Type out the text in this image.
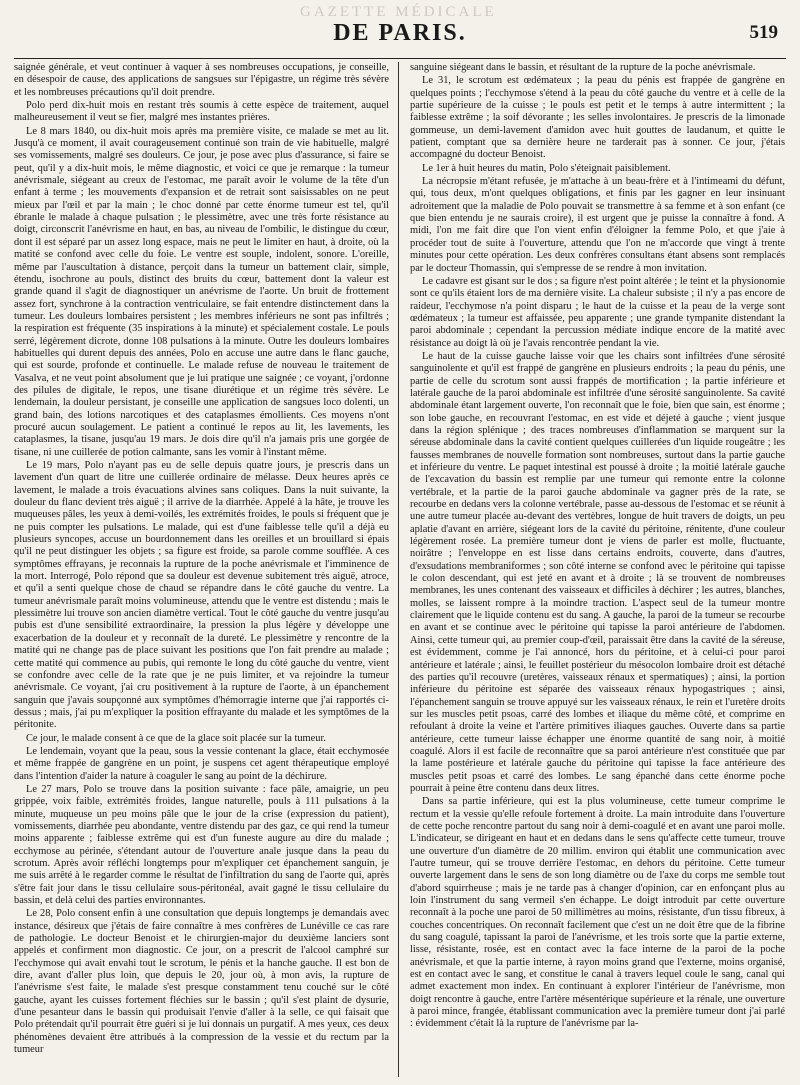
GAZETTE MÉDICALE
DE PARIS.	519

saignée générale, et veut continuer à vaquer à ses nombreuses occupations, je conseille, en désespoir de cause, des applications de sangsues sur l'épigastre, un régime très sévère et les nombreuses précautions qu'il doit prendre.

Polo perd dix-huit mois en restant très soumis à cette espèce de traitement, auquel malheureusement il veut se fier, malgré mes instantes prières.

Le 8 mars 1840, ou dix-huit mois après ma première visite, ce malade se met au lit. Jusqu'à ce moment, il avait courageusement continué son train de vie habituelle, malgré ses vomissements, malgré ses douleurs. Ce jour, je pose avec plus d'assurance, si faire se peut, qu'il y a dix-huit mois, le même diagnostic, et voici ce que je remarque : la tumeur anévrismale, siégeant au creux de l'estomac, me paraît avoir le volume de la tête d'un enfant à terme ; les mouvements d'expansion et de retrait sont saisissables on ne peut mieux par l'œil et par la main ; le choc donné par cette énorme tumeur est tel, qu'il ébranle le malade à chaque pulsation ; le plessimètre, avec une très forte résistance au doigt, circonscrit l'anévrisme en haut, en bas, au niveau de l'ombilic, le distingue du cœur, dont il est séparé par un assez long espace, mais ne peut le limiter en haut, à droite, où la matité se confond avec celle du foie. Le ventre est souple, indolent, sonore. L'oreille, même par l'auscultation à distance, perçoit dans la tumeur un battement clair, simple, étendu, isochrone au pouls, distinct des bruits du cœur, battement dont la valeur est grande quand il s'agit de diagnostiquer un anévrisme de l'aorte. Un bruit de frottement assez fort, synchrone à la contraction ventriculaire, se fait entendre distinctement dans la tumeur. Les douleurs lombaires persistent ; les membres inférieurs ne sont pas infiltrés ; la respiration est fréquente (35 inspirations à la minute) et spécialement costale. Le pouls serré, légèrement dicrote, donne 108 pulsations à la minute. Outre les douleurs lombaires habituelles qui durent depuis des années, Polo en accuse une autre dans le flanc gauche, qui est sourde, profonde et continuelle. Le malade refuse de nouveau le traitement de Vasalva, et ne veut point absolument que je lui pratique une saignée ; ce voyant, j'ordonne des pilules de digitale, le repos, une tisane diurétique et un régime très sévère. Le lendemain, la douleur persistant, je conseille une application de sangsues loco dolenti, un grand bain, des lotions narcotiques et des cataplasmes émollients. Ces moyens n'ont procuré aucun soulagement. Le patient a continué le repos au lit, les lavements, les cataplasmes, la tisane, jusqu'au 19 mars. Je dois dire qu'il n'a jamais pris une gorgée de tisane, ni une cuillerée de potion calmante, sans les vomir à l'instant même.

Le 19 mars, Polo n'ayant pas eu de selle depuis quatre jours, je prescris dans un lavement d'un quart de litre une cuillerée ordinaire de mélasse. Deux heures après ce lavement, le malade a trois évacuations alvines sans coliques. Dans la nuit suivante, la douleur du flanc devient très aiguë ; il arrive de la diarrhée. Appelé à la hâte, je trouve les muqueuses pâles, les yeux à demi-voilés, les extrémités froides, le pouls si fréquent que je ne puis compter les pulsations. Le malade, qui est d'une faiblesse telle qu'il a déjà eu plusieurs syncopes, accuse un bourdonnement dans les oreilles et un brouillard si épais qu'il ne peut distinguer les objets ; sa figure est froide, sa parole comme soufflée. A ces symptômes effrayans, je reconnais la rupture de la poche anévrismale et l'imminence de la mort. Interrogé, Polo répond que sa douleur est devenue subitement très aiguë, atroce, et qu'il a senti quelque chose de chaud se répandre dans le côté gauche du ventre. La tumeur anévrismale paraît moins volumineuse, attendu que le ventre est distendu ; mais le plessimètre lui trouve son ancien diamètre vertical. Tout le côté gauche du ventre jusqu'au pubis est d'une sensibilité extraordinaire, la pression la plus légère y développe une exacerbation de la douleur et y reconnaît de la dureté. Le plessimètre y rencontre de la matité qui ne change pas de place suivant les positions que l'on fait prendre au malade ; cette matité qui commence au pubis, qui remonte le long du côté gauche du ventre, vient se confondre avec celle de la rate que je ne puis limiter, et va rejoindre la tumeur anévrismale. Ce voyant, j'ai cru positivement à la rupture de l'aorte, à un épanchement sanguin que j'avais soupçonné aux symptômes d'hémorragie interne que j'ai rapportés ci-dessus ; mais, j'ai pu m'expliquer la position effrayante du malade et les symptômes de la péritonite.

Ce jour, le malade consent à ce que de la glace soit placée sur la tumeur.

Le lendemain, voyant que la peau, sous la vessie contenant la glace, était ecchymosée et même frappée de gangrène en un point, je suspens cet agent thérapeutique employé dans l'intention d'aider la nature à coaguler le sang au point de la déchirure.

Le 27 mars, Polo se trouve dans la position suivante : face pâle, amaigrie, un peu grippée, voix faible, extrémités froides, langue naturelle, pouls à 111 pulsations à la minute, muqueuse un peu moins pâle que le jour de la crise (expression du patient), vomissements, diarrhée peu abondante, ventre distendu par des gaz, ce qui rend la tumeur moins apparente ; faiblesse extrême qui est d'un funeste augure au dire du malade ; ecchymose au périnée, s'étendant autour de l'ouverture anale jusque dans la peau du scrotum. Après avoir réfléchi longtemps pour m'expliquer cet épanchement sanguin, je me suis arrêté à le regarder comme le résultat de l'infiltration du sang de l'aorte qui, après s'être fait jour dans le tissu cellulaire sous-péritonéal, avait gagné le tissu cellulaire du bassin, et delà celui des parties environnantes.

Le 28, Polo consent enfin à une consultation que depuis longtemps je demandais avec instance, désireux que j'étais de faire connaître à mes confrères de Lunéville ce cas rare de pathologie. Le docteur Benoist et le chirurgien-major du deuxième lanciers sont appelés et confirment mon diagnostic. Ce jour, on a prescrit de l'alcool camphré sur l'ecchymose qui avait envahi tout le scrotum, le pénis et la hanche gauche. Il est bon de dire, avant d'aller plus loin, que depuis le 20, jour où, à mon avis, la rupture de l'anévrisme s'est faite, le malade s'est presque constamment tenu couché sur le côté gauche, ayant les cuisses fortement fléchies sur le bassin ; qu'il s'est plaint de dysurie, d'une pesanteur dans le bassin qui produisait l'envie d'aller à la selle, ce qui faisait que Polo prétendait qu'il pourrait être guéri si je lui donnais un purgatif. A mes yeux, ces deux phénomènes devaient être attribués à la compression de la vessie et du rectum par la tumeur

sanguine siégeant dans le bassin, et résultant de la rupture de la poche anévrismale.

Le 31, le scrotum est œdémateux ; la peau du pénis est frappée de gangrène en quelques points ; l'ecchymose s'étend à la peau du côté gauche du ventre et à celle de la partie supérieure de la cuisse ; le pouls est petit et le temps à autre intermittent ; la faiblesse extrême ; la soif dévorante ; les selles involontaires. Je prescris de la limonade gommeuse, un demi-lavement d'amidon avec huit gouttes de laudanum, et quitte le patient, comptant que sa dernière heure ne tarderait pas à sonner. Ce jour, j'étais accompagné du docteur Benoist.

Le 1er à huit heures du matin, Polo s'éteignait paisiblement.

La nécropsie m'étant refusée, je m'attache à un beau-frère et à l'intimeami du défunt, qui, tous deux, m'ont quelques obligations, et finis par les gagner en leur insinuant adroitement que la maladie de Polo pouvait se transmettre à sa femme et à son enfant (ce que bien entendu je ne saurais croire), il est urgent que je puisse la connaître à fond. A midi, l'on me fait dire que l'on vient enfin d'éloigner la femme Polo, et que j'aie à procéder tout de suite à l'ouverture, attendu que l'on ne m'accorde que vingt à trente minutes pour cette opération. Les deux confrères consultans étant absens sont remplacés par le docteur Thomassin, qui s'empresse de se rendre à mon invitation.

Le cadavre est gisant sur le dos ; sa figure n'est point altérée ; le teint et la physionomie sont ce qu'ils étaient lors de ma dernière visite. La chaleur subsiste ; il n'y a pas encore de raideur, l'ecchymose n'a point disparu ; le haut de la cuisse et la peau de la verge sont œdémateux ; la tumeur est affaissée, peu apparente ; une grande tympanite distendant la paroi abdominale ; cependant la percussion médiate indique encore de la matité avec résistance au doigt là où je l'avais rencontrée pendant la vie.

Le haut de la cuisse gauche laisse voir que les chairs sont infiltrées d'une sérosité sanguinolente et qu'il est frappé de gangrène en plusieurs endroits ; la peau du pénis, une partie de celle du scrotum sont aussi frappés de mortification ; la partie inférieure et latérale gauche de la paroi abdominale est infiltrée d'une sérosité sanguinolente. Sa cavité abdominale étant largement ouverte, l'on reconnaît que le foie, bien que sain, est énorme ; son lobe gauche, en recouvrant l'estomac, en est vide et déjeté à gauche ; vient jusque dans la région splénique ; des traces nombreuses d'inflammation se marquent sur la séreuse abdominale dans la cavité contient quelques cuillerées d'un liquide rougeâtre ; les fausses membranes de nouvelle formation sont nombreuses, surtout dans la partie gauche et inférieure du ventre. Le paquet intestinal est poussé à droite ; la moitié latérale gauche de l'excavation du bassin est remplie par une tumeur qui remonte entre la colonne vertébrale, et la partie de la paroi gauche abdominale va gagner près de la rate, se recourbe en dedans vers la colonne vertébrale, passe au-dessous de l'estomac et se réunit à une autre tumeur placée au-devant des vertèbres, longue de huit travers de doigts, un peu aplatie d'avant en arrière, siégeant lors de la cavité du péritoine, rénitente, d'une couleur légèrement rosée. La première tumeur dont je viens de parler est molle, fluctuante, noirâtre ; l'enveloppe en est lisse dans certains endroits, couverte, dans d'autres, d'exsudations membraniformes ; son côté interne se confond avec le péritoine qui tapisse le colon descendant, qui est jeté en avant et à droite ; là se trouvent de nombreuses membranes, les unes contenant des vaisseaux et difficiles à déchirer ; les autres, blanches, molles, se laissent rompre à la moindre traction. L'aspect seul de la tumeur montre clairement que le liquide contenu est du sang. A gauche, la paroi de la tumeur se recourbe en avant et se continue avec le péritoine qui tapisse la paroi antérieure de l'abdomen. Ainsi, cette tumeur qui, au premier coup-d'œil, paraissait être dans la cavité de la séreuse, est évidemment, comme je l'ai annoncé, hors du péritoine, et à celui-ci pour paroi antérieure et latérale ; ainsi, le feuillet postérieur du mésocolon lombaire droit est détaché des parties qu'il recouvre (uretères, vaisseaux rénaux et spermatiques) ; ainsi, la portion inférieure du péritoine est séparée des vaisseaux rénaux hypogastriques ; ainsi, l'épanchement sanguin se trouve appuyé sur les vaisseaux rénaux, le rein et l'uretère droits sur les muscles petit psoas, carré des lombes et iliaque du même côté, et comprime en refoulant à droite la veine et l'artère primitives iliaques gauches. Ouverte dans sa partie antérieure, cette tumeur laisse échapper une énorme quantité de sang noir, à moitié coagulé. Alors il est facile de reconnaître que sa paroi antérieure n'est constituée que par la lame postérieure et latérale gauche du péritoine qui tapisse la face antérieure des muscles petit psoas et carré des lombes. Le sang épanché dans cette énorme poche pourrait à peine être contenu dans deux litres.

Dans sa partie inférieure, qui est la plus volumineuse, cette tumeur comprime le rectum et la vessie qu'elle refoule fortement à droite. La main introduite dans l'ouverture de cette poche rencontre partout du sang noir à demi-coagulé et en avant une paroi molle. L'indicateur, se dirigeant en haut et en dedans dans le sens qu'affecte cette tumeur, trouve une ouverture d'un diamètre de 20 millim. environ qui établit une communication avec l'autre tumeur, qui se trouve derrière l'estomac, en dehors du péritoine. Cette tumeur ouverte largement dans le sens de son long diamètre ou de l'axe du corps me semble tout d'abord squirrheuse ; mais je ne tarde pas à changer d'opinion, car en enfonçant plus au loin l'instrument du sang vermeil s'en échappe. Le doigt introduit par cette ouverture reconnaît à la poche une paroi de 50 millimètres au moins, résistante, d'un tissu fibreux, à couches concentriques. On reconnaît facilement que c'est un ne doit être que de la fibrine du sang coagulé, tapissant la paroi de l'anévrisme, et les trois sorte que la partie externe, lisse, résistante, rosée, est en contact avec la face interne de la paroi de la poche anévrismale, et que la partie interne, à rayon moins grand que l'externe, moins organisé, est en contact avec le sang, et constitue le canal à travers lequel coule le sang, canal qui admet exactement mon index. En continuant à explorer l'intérieur de l'anévrisme, mon doigt rencontre à gauche, entre l'artère mésentérique supérieure et la rénale, une ouverture à paroi mince, frangée, établissant communication avec la première tumeur dont j'ai parlé : évidemment c'était là la rupture de l'anévrisme par la-
